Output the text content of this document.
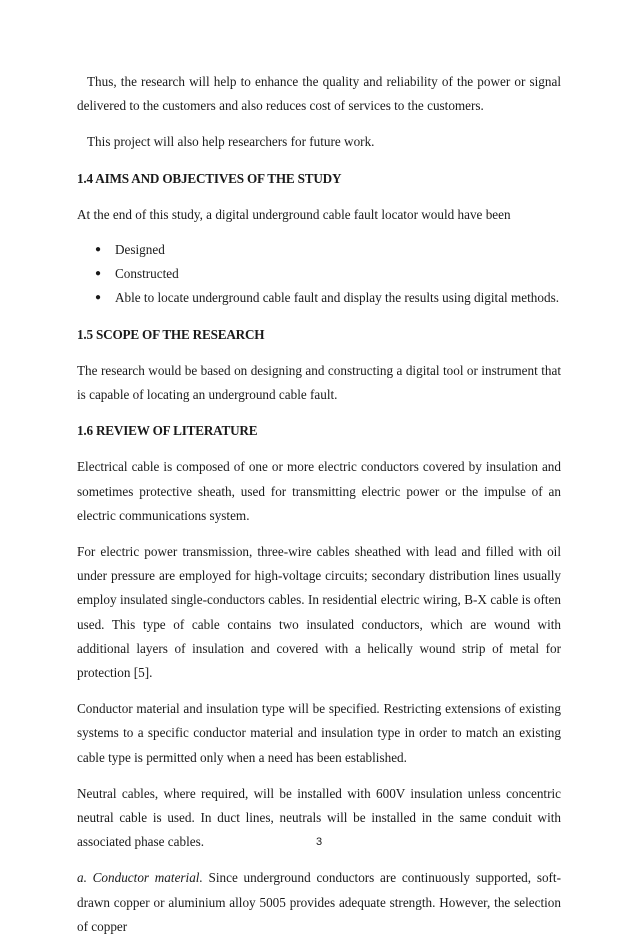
Thus, the research will help to enhance the quality and reliability of the power or signal delivered to the customers and also reduces cost of services to the customers.

This project will also help researchers for future work.

1.4 AIMS AND OBJECTIVES OF THE STUDY

At the end of this study, a digital underground cable fault locator would have been

● Designed
● Constructed
● Able to locate underground cable fault and display the results using digital methods.
1.5 SCOPE OF THE RESEARCH

The research would be based on designing and constructing a digital tool or instrument that is capable of locating an underground cable fault.

1.6 REVIEW OF LITERATURE

Electrical cable is composed of one or more electric conductors covered by insulation and sometimes protective sheath, used for transmitting electric power or the impulse of an electric communications system.

For electric power transmission, three-wire cables sheathed with lead and filled with oil under pressure are employed for high-voltage circuits; secondary distribution lines usually employ insulated single-conductors cables. In residential electric wiring, B-X cable is often used. This type of cable contains two insulated conductors, which are wound with additional layers of insulation and covered with a helically wound strip of metal for protection [5].

Conductor material and insulation type will be specified. Restricting extensions of existing systems to a specific conductor material and insulation type in order to match an existing cable type is permitted only when a need has been established.

Neutral cables, where required, will be installed with 600V insulation unless concentric neutral cable is used. In duct lines, neutrals will be installed in the same conduit with associated phase cables.

a. Conductor material. Since underground conductors are continuously supported, soft-drawn copper or aluminium alloy 5005 provides adequate strength. However, the selection of copper

3
